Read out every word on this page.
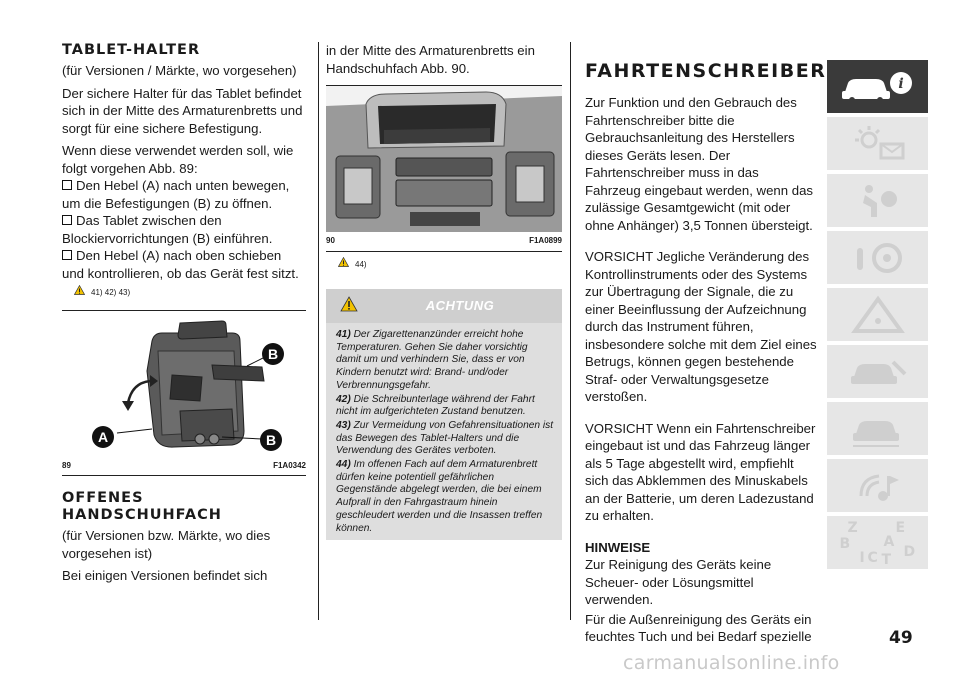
TABLET-HALTER

(für Versionen / Märkte, wo vorgesehen)

Der sichere Halter für das Tablet befindet sich in der Mitte des Armaturenbretts und sorgt für eine sichere Befestigung.

Wenn diese verwendet werden soll, wie folgt vorgehen Abb. 89:

Den Hebel (A) nach unten bewegen, um die Befestigungen (B) zu öffnen.

Das Tablet zwischen den Blockiervorrichtungen (B) einführen.

Den Hebel (A) nach oben schieben und kontrollieren, ob das Gerät fest sitzt.

41) 42) 43)
B
A	B
89	F1A0342
OFFENES HANDSCHUHFACH

(für Versionen bzw. Märkte, wo dies vorgesehen ist)

Bei einigen Versionen befindet sich

in der Mitte des Armaturenbretts ein Handschuhfach Abb. 90.

90	F1A0899
44)
ACHTUNG

41) Der Zigarettenanzünder erreicht hohe Temperaturen. Gehen Sie daher vorsichtig damit um und verhindern Sie, dass er von Kindern benutzt wird: Brand- und/oder Verbrennungsgefahr.

42) Die Schreibunterlage während der Fahrt nicht im aufgerichteten Zustand benutzen.

43) Zur Vermeidung von Gefahrensituationen ist das Bewegen des Tablet-Halters und die Verwendung des Gerätes verboten.

44) Im offenen Fach auf dem Armaturenbrett dürfen keine potentiell gefährlichen Gegenstände abgelegt werden, die bei einem Aufprall in den Fahrgastraum hinein geschleudert werden und die Insassen treffen können.

FAHRTENSCHREIBER

Zur Funktion und den Gebrauch des Fahrtenschreiber bitte die Gebrauchsanleitung des Herstellers dieses Geräts lesen. Der Fahrtenschreiber muss in das Fahrzeug eingebaut werden, wenn das zulässige Gesamtgewicht (mit oder ohne Anhänger) 3,5 Tonnen übersteigt.

VORSICHT Jegliche Veränderung des Kontrollinstruments oder des Systems zur Übertragung der Signale, die zu einer Beeinflussung der Aufzeichnung durch das Instrument führen, insbesondere solche mit dem Ziel eines Betrugs, können gegen bestehende Straf- oder Verwaltungsgesetze verstoßen.

VORSICHT Wenn ein Fahrtenschreiber eingebaut ist und das Fahrzeug länger als 5 Tage abgestellt wird, empfiehlt sich das Abklemmen des Minuskabels an der Batterie, um deren Ladezustand zu erhalten.

HINWEISE

Zur Reinigung des Geräts keine Scheuer- oder Lösungsmittel verwenden.

Für die Außenreinigung des Geräts ein feuchtes Tuch und bei Bedarf spezielle

i
Z	E
B A
D
I C T
49
carmanualsonline.info
